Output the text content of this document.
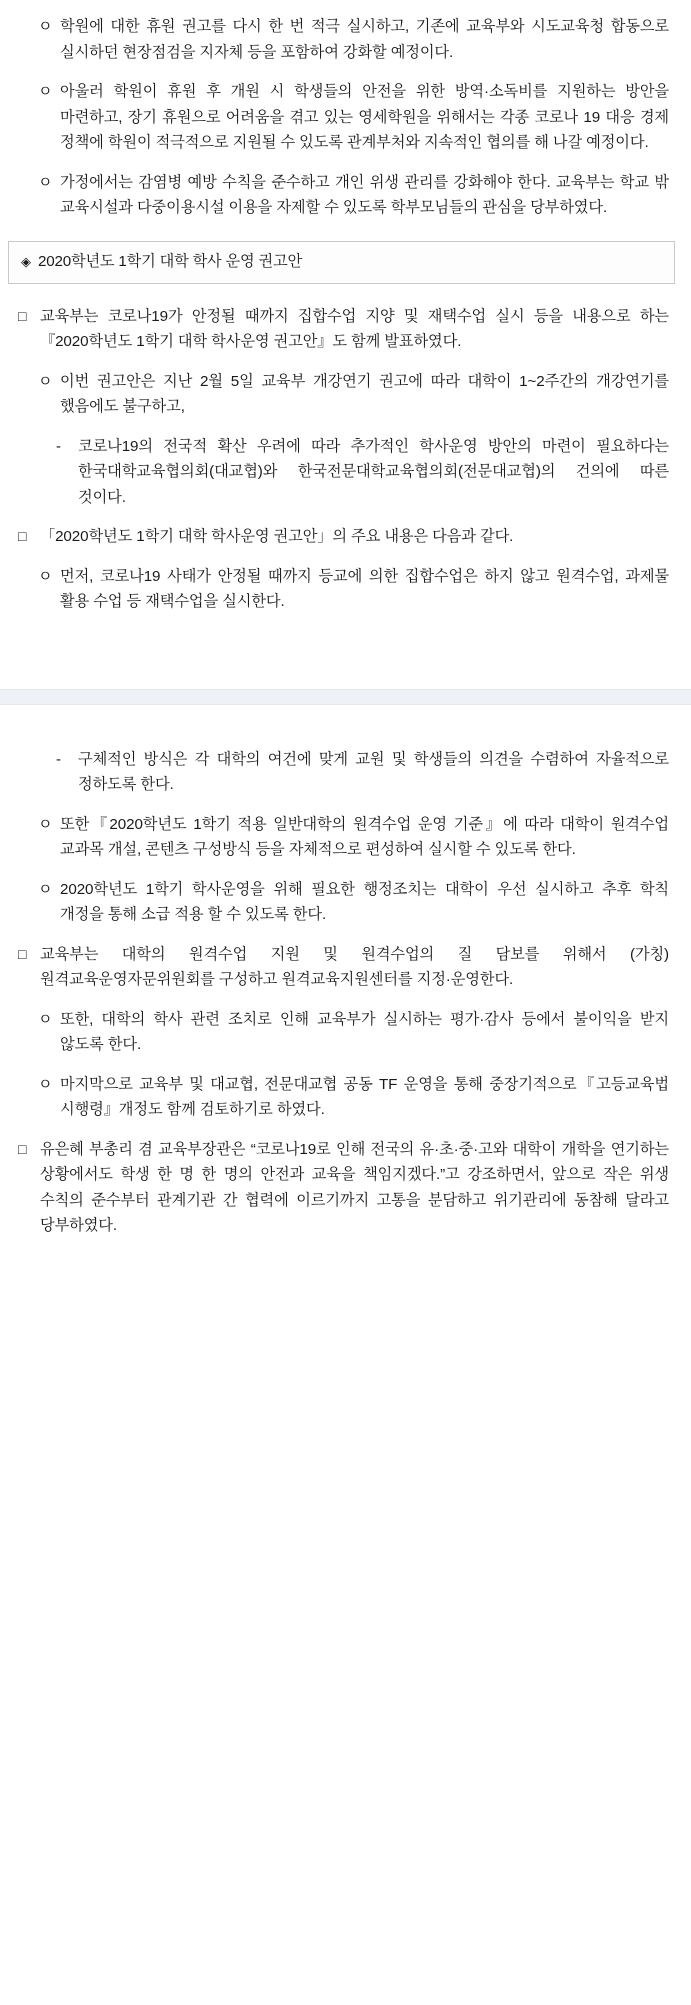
ㅇ 학원에 대한 휴원 권고를 다시 한 번 적극 실시하고, 기존에 교육부와 시도교육청 합동으로 실시하던 현장점검을 지자체 등을 포함하여 강화할 예정이다.
ㅇ 아울러 학원이 휴원 후 개원 시 학생들의 안전을 위한 방역·소독비를 지원하는 방안을 마련하고, 장기 휴원으로 어려움을 겪고 있는 영세학원을 위해서는 각종 코로나 19 대응 경제 정책에 학원이 적극적으로 지원될 수 있도록 관계부처와 지속적인 협의를 해 나갈 예정이다.
ㅇ 가정에서는 감염병 예방 수칙을 준수하고 개인 위생 관리를 강화해야 한다. 교육부는 학교 밖 교육시설과 다중이용시설 이용을 자제할 수 있도록 학부모님들의 관심을 당부하였다.
◈ 2020학년도 1학기 대학 학사 운영 권고안
□ 교육부는 코로나19가 안정될 때까지 집합수업 지양 및 재택수업 실시 등을 내용으로 하는『2020학년도 1학기 대학 학사운영 권고안』도 함께 발표하였다.
ㅇ 이번 권고안은 지난 2월 5일 교육부 개강연기 권고에 따라 대학이 1~2주간의 개강연기를 했음에도 불구하고,
-	코로나19의 전국적 확산 우려에 따라 추가적인 학사운영 방안의 마련이 필요하다는 한국대학교육협의회(대교협)와 한국전문대학교육협의회(전문대교협)의 건의에 따른 것이다.
□ 「2020학년도 1학기 대학 학사운영 권고안」의 주요 내용은 다음과 같다.
ㅇ 먼저, 코로나19 사태가 안정될 때까지 등교에 의한 집합수업은 하지 않고 원격수업, 과제물 활용 수업 등 재택수업을 실시한다.
-	구체적인 방식은 각 대학의 여건에 맞게 교원 및 학생들의 의견을 수렴하여 자율적으로 정하도록 한다.
ㅇ 또한『2020학년도 1학기 적용 일반대학의 원격수업 운영 기준』에 따라 대학이 원격수업 교과목 개설, 콘텐츠 구성방식 등을 자체적으로 편성하여 실시할 수 있도록 한다.
ㅇ 2020학년도 1학기 학사운영을 위해 필요한 행정조치는 대학이 우선 실시하고 추후 학칙 개정을 통해 소급 적용 할 수 있도록 한다.
□ 교육부는 대학의 원격수업 지원 및 원격수업의 질 담보를 위해서 (가칭)원격교육운영자문위원회를 구성하고 원격교육지원센터를 지정·운영한다.
ㅇ 또한, 대학의 학사 관련 조치로 인해 교육부가 실시하는 평가·감사 등에서 불이익을 받지 않도록 한다.
ㅇ 마지막으로 교육부 및 대교협, 전문대교협 공동 TF 운영을 통해 중장기적으로『고등교육법 시행령』개정도 함께 검토하기로 하였다.
□ 유은혜 부총리 겸 교육부장관은 “코로나19로 인해 전국의 유·초·중·고와 대학이 개학을 연기하는 상황에서도 학생 한 명 한 명의 안전과 교육을 책임지겠다.”고 강조하면서, 앞으로 작은 위생 수칙의 준수부터 관계기관 간 협력에 이르기까지 고통을 분담하고 위기관리에 동참해 달라고 당부하였다.
